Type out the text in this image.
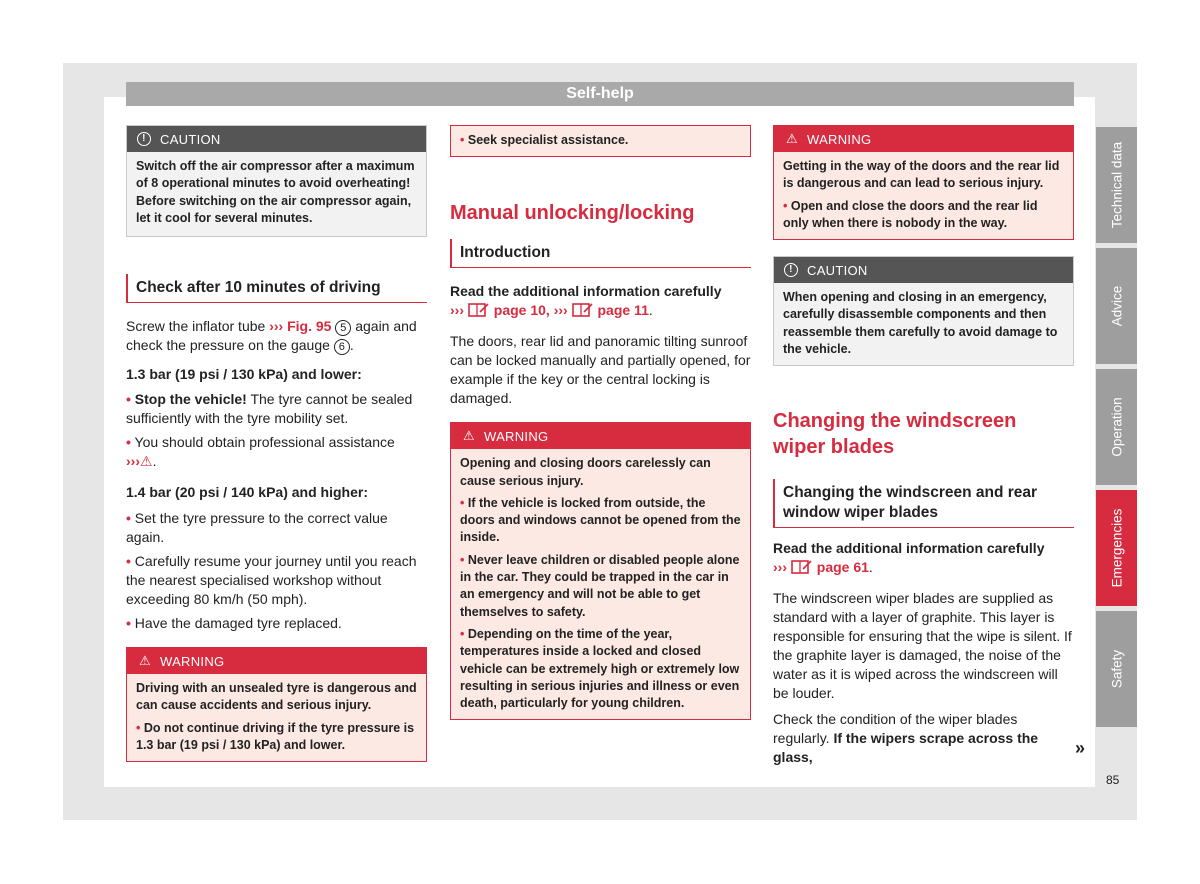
Self-help
!	CAUTION

Switch off the air compressor after a maximum of 8 operational minutes to avoid overheating! Before switching on the air compressor again, let it cool for several minutes.

Check after 10 minutes of driving

Screw the inflator tube ››› Fig. 95 5 again and check the pressure on the gauge 6 .

1.3 bar (19 psi / 130 kPa) and lower:

• Stop the vehicle! The tyre cannot be sealed sufficiently with the tyre mobility set.

• You should obtain professional assistance
›››⚠.

1.4 bar (20 psi / 140 kPa) and higher:

• Set the tyre pressure to the correct value again.

• Carefully resume your journey until you reach the nearest specialised workshop without exceeding 80 km/h (50 mph).

• Have the damaged tyre replaced.

⚠ WARNING

Driving with an unsealed tyre is dangerous and can cause accidents and serious injury.

• Do not continue driving if the tyre pressure is 1.3 bar (19 psi / 130 kPa) and lower.

• Seek specialist assistance.

Manual unlocking/locking
Introduction

Read the additional information carefully

››› page 10, ››› page 11.

The doors, rear lid and panoramic tilting sunroof can be locked manually and partially opened, for example if the key or the central locking is damaged.

⚠ WARNING

Opening and closing doors carelessly can cause serious injury.

• If the vehicle is locked from outside, the doors and windows cannot be opened from the inside.

• Never leave children or disabled people alone in the car. They could be trapped in the car in an emergency and will not be able to get themselves to safety.

• Depending on the time of the year, temperatures inside a locked and closed vehicle can be extremely high or extremely low resulting in serious injuries and illness or even death, particularly for young children.

⚠ WARNING

Getting in the way of the doors and the rear lid is dangerous and can lead to serious injury.

• Open and close the doors and the rear lid only when there is nobody in the way.

!	CAUTION

When opening and closing in an emergency, carefully disassemble components and then reassemble them carefully to avoid damage to the vehicle.

Changing the windscreen wiper blades
Changing the windscreen and rear window wiper blades

Read the additional information carefully

››› page 61.

The windscreen wiper blades are supplied as standard with a layer of graphite. This layer is responsible for ensuring that the wipe is silent. If the graphite layer is damaged, the noise of the water as it is wiped across the windscreen will be louder.

Check the condition of the wiper blades regularly. If the wipers scrape across the glass,

Technical data
Advice
Operation
Emergencies
Safety
»
85
